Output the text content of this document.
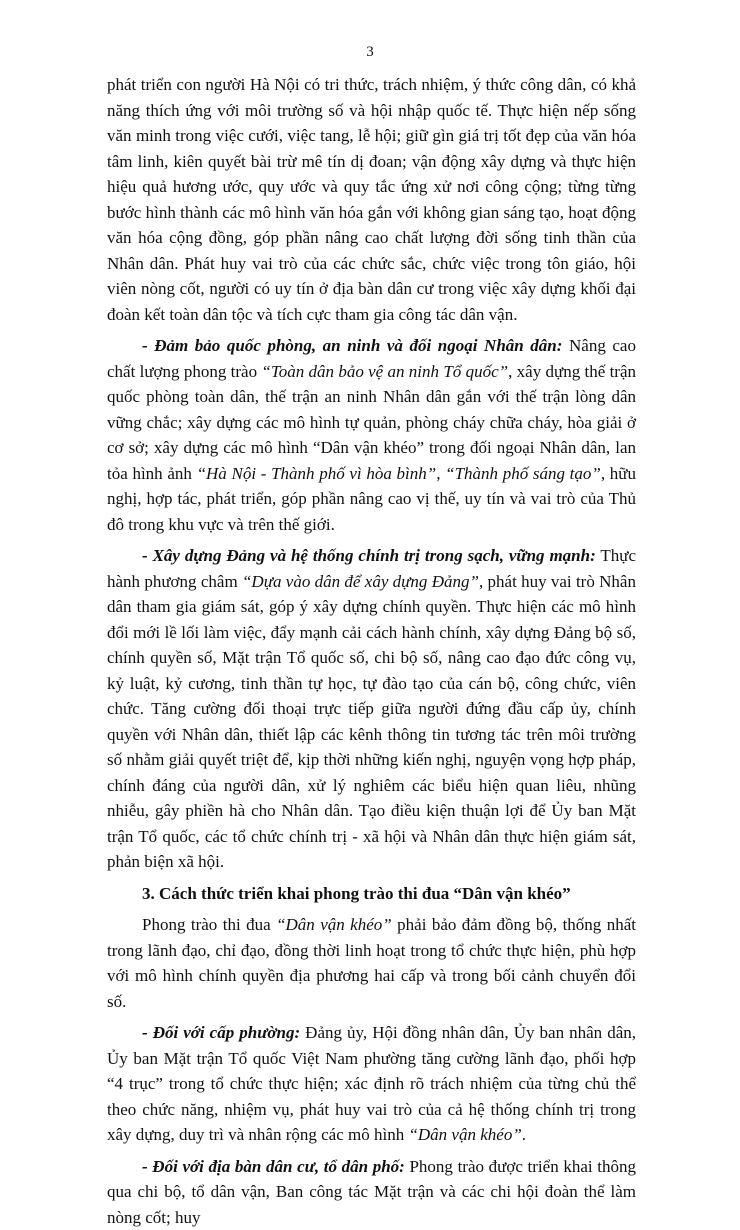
3

phát triển con người Hà Nội có tri thức, trách nhiệm, ý thức công dân, có khả năng thích ứng với môi trường số và hội nhập quốc tế. Thực hiện nếp sống văn minh trong việc cưới, việc tang, lễ hội; giữ gìn giá trị tốt đẹp của văn hóa tâm linh, kiên quyết bài trừ mê tín dị đoan; vận động xây dựng và thực hiện hiệu quả hương ước, quy ước và quy tắc ứng xử nơi công cộng; từng từng bước hình thành các mô hình văn hóa gắn với không gian sáng tạo, hoạt động văn hóa cộng đồng, góp phần nâng cao chất lượng đời sống tinh thần của Nhân dân. Phát huy vai trò của các chức sắc, chức việc trong tôn giáo, hội viên nòng cốt, người có uy tín ở địa bàn dân cư trong việc xây dựng khối đại đoàn kết toàn dân tộc và tích cực tham gia công tác dân vận.

- Đảm bảo quốc phòng, an ninh và đối ngoại Nhân dân: Nâng cao chất lượng phong trào “Toàn dân bảo vệ an ninh Tổ quốc”, xây dựng thế trận quốc phòng toàn dân, thế trận an ninh Nhân dân gắn với thế trận lòng dân vững chắc; xây dựng các mô hình tự quản, phòng cháy chữa cháy, hòa giải ở cơ sở; xây dựng các mô hình “Dân vận khéo” trong đối ngoại Nhân dân, lan tỏa hình ảnh “Hà Nội - Thành phố vì hòa bình”, “Thành phố sáng tạo”, hữu nghị, hợp tác, phát triển, góp phần nâng cao vị thế, uy tín và vai trò của Thủ đô trong khu vực và trên thế giới.

- Xây dựng Đảng và hệ thống chính trị trong sạch, vững mạnh: Thực hành phương châm “Dựa vào dân để xây dựng Đảng”, phát huy vai trò Nhân dân tham gia giám sát, góp ý xây dựng chính quyền. Thực hiện các mô hình đổi mới lề lối làm việc, đẩy mạnh cải cách hành chính, xây dựng Đảng bộ số, chính quyền số, Mặt trận Tổ quốc số, chi bộ số, nâng cao đạo đức công vụ, kỷ luật, kỷ cương, tinh thần tự học, tự đào tạo của cán bộ, công chức, viên chức. Tăng cường đối thoại trực tiếp giữa người đứng đầu cấp ủy, chính quyền với Nhân dân, thiết lập các kênh thông tin tương tác trên môi trường số nhằm giải quyết triệt để, kịp thời những kiến nghị, nguyện vọng hợp pháp, chính đáng của người dân, xử lý nghiêm các biểu hiện quan liêu, nhũng nhiễu, gây phiền hà cho Nhân dân. Tạo điều kiện thuận lợi để Ủy ban Mặt trận Tổ quốc, các tổ chức chính trị - xã hội và Nhân dân thực hiện giám sát, phản biện xã hội.

3. Cách thức triển khai phong trào thi đua “Dân vận khéo”

Phong trào thi đua “Dân vận khéo” phải bảo đảm đồng bộ, thống nhất trong lãnh đạo, chỉ đạo, đồng thời linh hoạt trong tổ chức thực hiện, phù hợp với mô hình chính quyền địa phương hai cấp và trong bối cảnh chuyển đổi số.

- Đối với cấp phường: Đảng ủy, Hội đồng nhân dân, Ủy ban nhân dân, Ủy ban Mặt trận Tổ quốc Việt Nam phường tăng cường lãnh đạo, phối hợp “4 trục” trong tổ chức thực hiện; xác định rõ trách nhiệm của từng chủ thể theo chức năng, nhiệm vụ, phát huy vai trò của cả hệ thống chính trị trong xây dựng, duy trì và nhân rộng các mô hình “Dân vận khéo”.

- Đối với địa bàn dân cư, tổ dân phố: Phong trào được triển khai thông qua chi bộ, tổ dân vận, Ban công tác Mặt trận và các chi hội đoàn thể làm nòng cốt; huy
